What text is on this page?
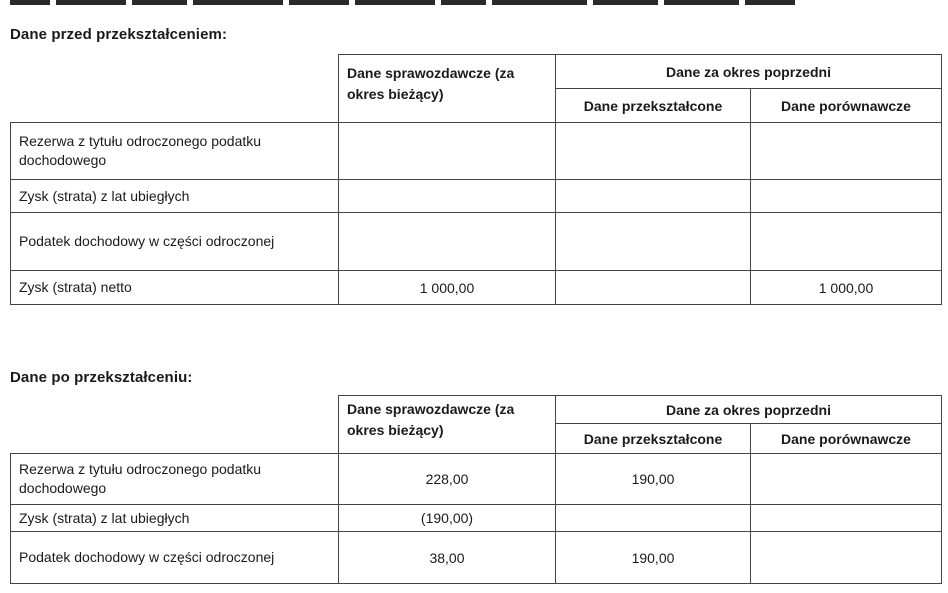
Dane przed przekształceniem:
	Dane sprawozdawcze (za okres bieżący)	Dane za okres poprzedni	
		Dane przekształcone	Dane porównawcze
Rezerwa z tytułu odroczonego podatku dochodowego			
Zysk (strata) z lat ubiegłych			
Podatek dochodowy w części odroczonej			
Zysk (strata) netto	1 000,00		1 000,00
Dane po przekształceniu:
	Dane sprawozdawcze (za okres bieżący)	Dane za okres poprzedni	
		Dane przekształcone	Dane porównawcze
Rezerwa z tytułu odroczonego podatku dochodowego	228,00	190,00	
Zysk (strata) z lat ubiegłych	(190,00)		
Podatek dochodowy w części odroczonej	38,00	190,00	
